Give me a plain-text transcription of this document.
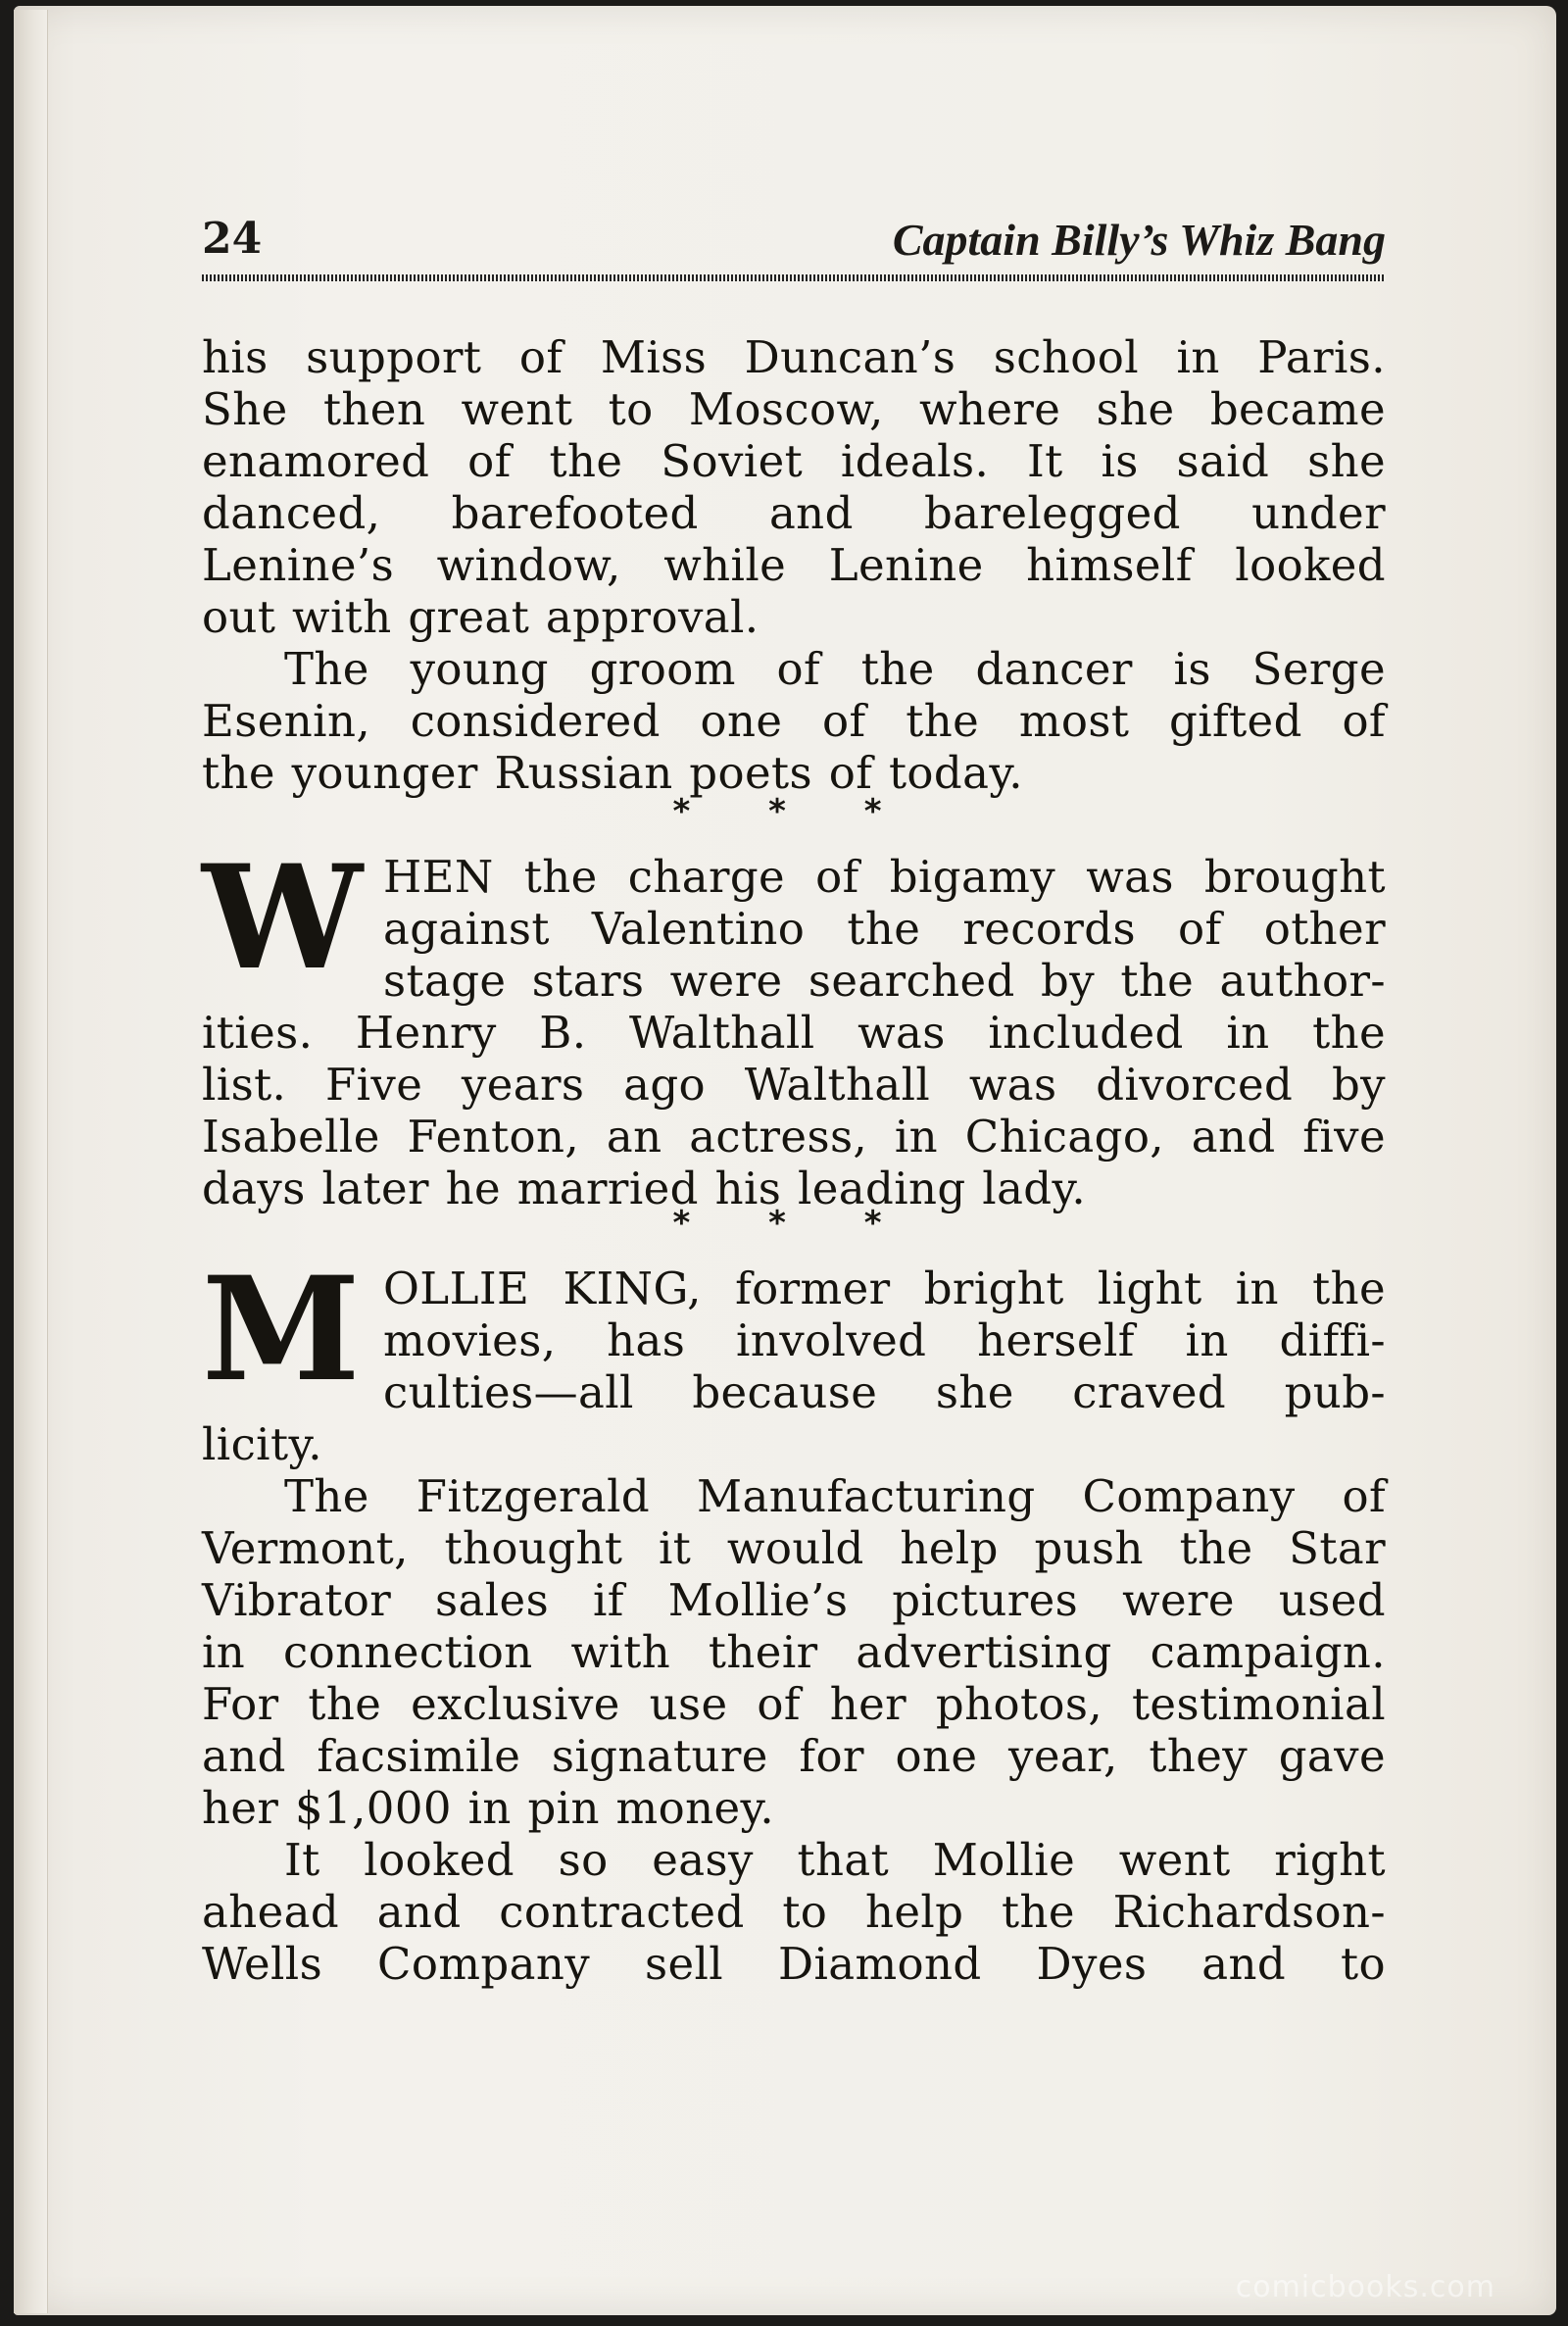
24	Captain Billy’s Whiz Bang
his support of Miss Duncan’s school in Paris.
She then went to Moscow, where she became
enamored of the Soviet ideals. It is said she
danced, barefooted and barelegged under
Lenine’s window, while Lenine himself looked
out with great approval.
The young groom of the dancer is Serge
Esenin, considered one of the most gifted of
the younger Russian poets of today.
* * *
W HEN the charge of bigamy was brought
against Valentino the records of other
stage stars were searched by the author-
ities. Henry B. Walthall was included in the
list. Five years ago Walthall was divorced by
Isabelle Fenton, an actress, in Chicago, and five
days later he married his leading lady.
* * *
M OLLIE KING, former bright light in the
movies, has involved herself in diffi-
culties—all because she craved pub-
licity.
The Fitzgerald Manufacturing Company of
Vermont, thought it would help push the Star
Vibrator sales if Mollie’s pictures were used
in connection with their advertising campaign.
For the exclusive use of her photos, testimonial
and facsimile signature for one year, they gave
her $1,000 in pin money.
It looked so easy that Mollie went right
ahead and contracted to help the Richardson-
Wells Company sell Diamond Dyes and to
comicbooks.com
